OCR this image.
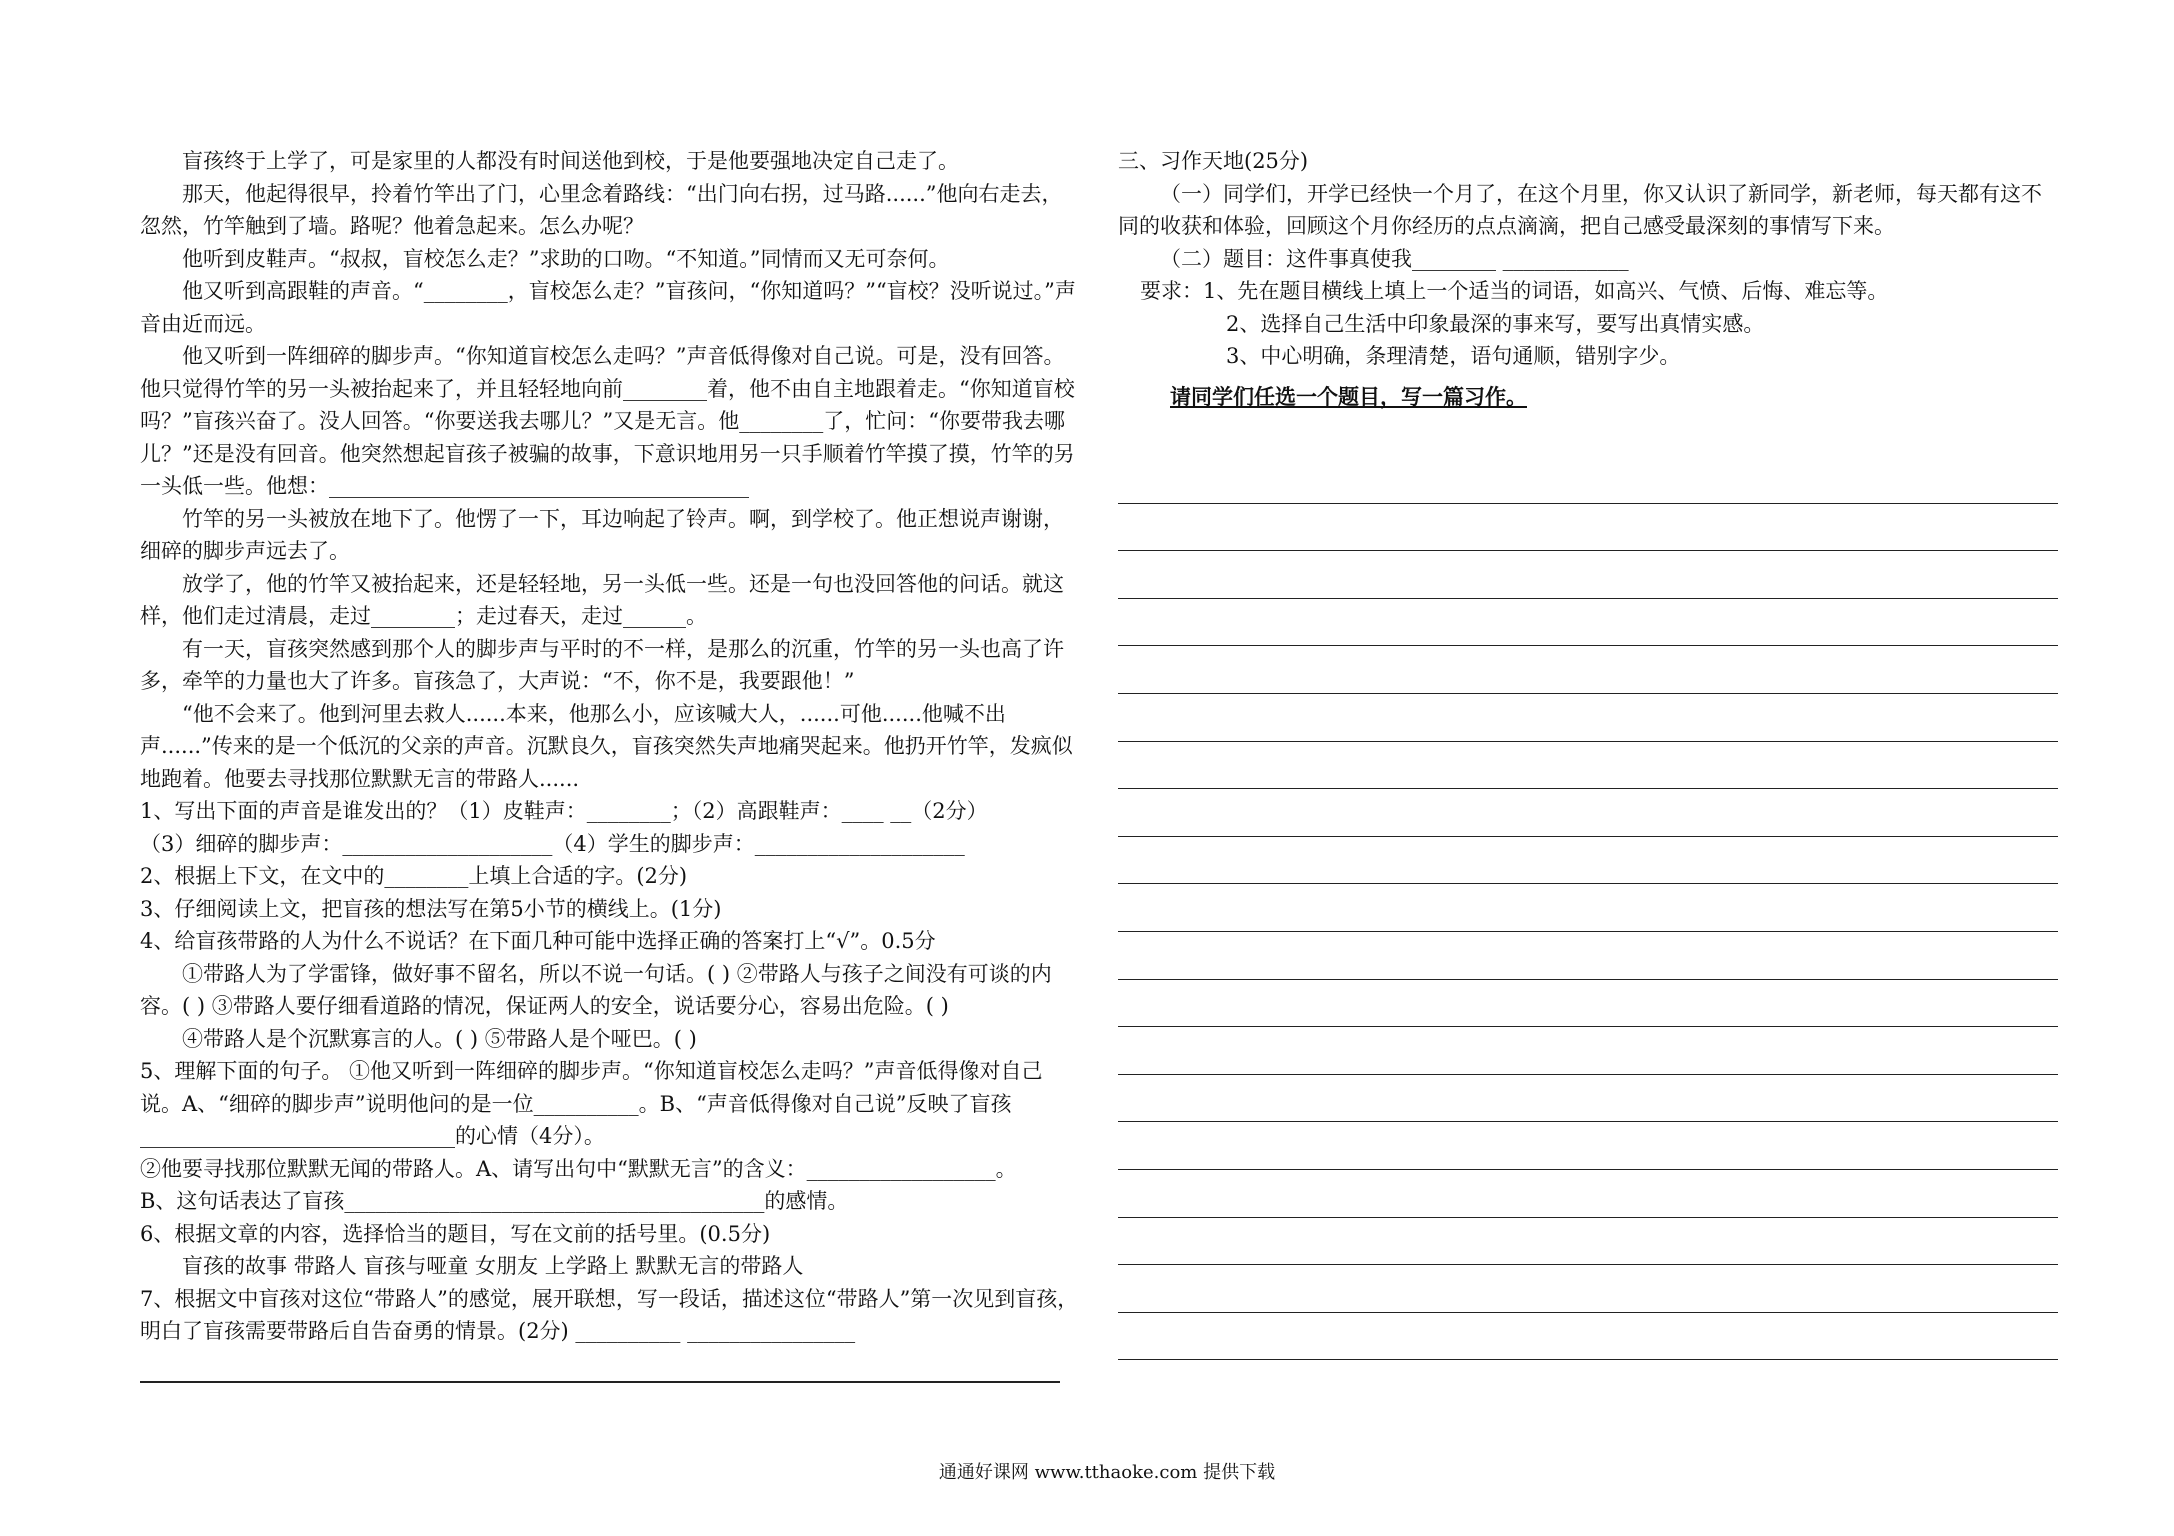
盲孩终于上学了，可是家里的人都没有时间送他到校，于是他要强地决定自己走了。

那天，他起得很早，拎着竹竿出了门，心里念着路线：“出门向右拐，过马路......”他向右走去，忽然，竹竿触到了墙。路呢？他着急起来。怎么办呢？

他听到皮鞋声。“叔叔，盲校怎么走？”求助的口吻。“不知道。”同情而又无可奈何。

他又听到高跟鞋的声音。“________，盲校怎么走？”盲孩问，“你知道吗？”“盲校？没听说过。”声音由近而远。

他又听到一阵细碎的脚步声。“你知道盲校怎么走吗？”声音低得像对自己说。可是，没有回答。他只觉得竹竿的另一头被抬起来了，并且轻轻地向前________着，他不由自主地跟着走。“你知道盲校吗？”盲孩兴奋了。没人回答。“你要送我去哪儿？”又是无言。他________了，忙问：“你要带我去哪儿？”还是没有回音。他突然想起盲孩子被骗的故事，下意识地用另一只手顺着竹竿摸了摸，竹竿的另一头低一些。他想：________________________________________

竹竿的另一头被放在地下了。他愣了一下，耳边响起了铃声。啊，到学校了。他正想说声谢谢，细碎的脚步声远去了。

放学了，他的竹竿又被抬起来，还是轻轻地，另一头低一些。还是一句也没回答他的问话。就这样，他们走过清晨，走过________；走过春天，走过______。

有一天，盲孩突然感到那个人的脚步声与平时的不一样，是那么的沉重，竹竿的另一头也高了许多，牵竿的力量也大了许多。盲孩急了，大声说：“不，你不是，我要跟他！”

“他不会来了。他到河里去救人......本来，他那么小，应该喊大人，......可他......他喊不出声......”传来的是一个低沉的父亲的声音。沉默良久，盲孩突然失声地痛哭起来。他扔开竹竿，发疯似地跑着。他要去寻找那位默默无言的带路人......

1、写出下面的声音是谁发出的？（1）皮鞋声：________；（2）高跟鞋声：____ __（2分）

（3）细碎的脚步声：____________________（4）学生的脚步声：____________________

2、根据上下文，在文中的________上填上合适的字。(2分)

3、仔细阅读上文，把盲孩的想法写在第5小节的横线上。(1分)

4、给盲孩带路的人为什么不说话？在下面几种可能中选择正确的答案打上“√”。0.5分

①带路人为了学雷锋，做好事不留名，所以不说一句话。( ) ②带路人与孩子之间没有可谈的内容。( ) ③带路人要仔细看道路的情况，保证两人的安全，说话要分心，容易出危险。( )

④带路人是个沉默寡言的人。( ) ⑤带路人是个哑巴。( )

5、理解下面的句子。 ①他又听到一阵细碎的脚步声。“你知道盲校怎么走吗？”声音低得像对自己说。A、“细碎的脚步声”说明他问的是一位__________。B、“声音低得像对自己说”反映了盲孩______________________________的心情（4分）。

②他要寻找那位默默无闻的带路人。A、请写出句中“默默无言”的含义：__________________。

B、这句话表达了盲孩________________________________________的感情。

6、根据文章的内容，选择恰当的题目，写在文前的括号里。(0.5分)

盲孩的故事 带路人 盲孩与哑童 女朋友 上学路上 默默无言的带路人

7、根据文中盲孩对这位“带路人”的感觉，展开联想，写一段话，描述这位“带路人”第一次见到盲孩，明白了盲孩需要带路后自告奋勇的情景。(2分) __________ ________________

三、习作天地(25分)

（一）同学们，开学已经快一个月了，在这个月里，你又认识了新同学，新老师，每天都有这不同的收获和体验，回顾这个月你经历的点点滴滴，把自己感受最深刻的事情写下来。

（二）题目：这件事真使我________ ____________

要求：1、先在题目横线上填上一个适当的词语，如高兴、气愤、后悔、难忘等。

2、选择自己生活中印象最深的事来写，要写出真情实感。

3、中心明确，条理清楚，语句通顺，错别字少。

请同学们任选一个题目，写一篇习作。

通通好课网 www.tthaoke.com 提供下载
